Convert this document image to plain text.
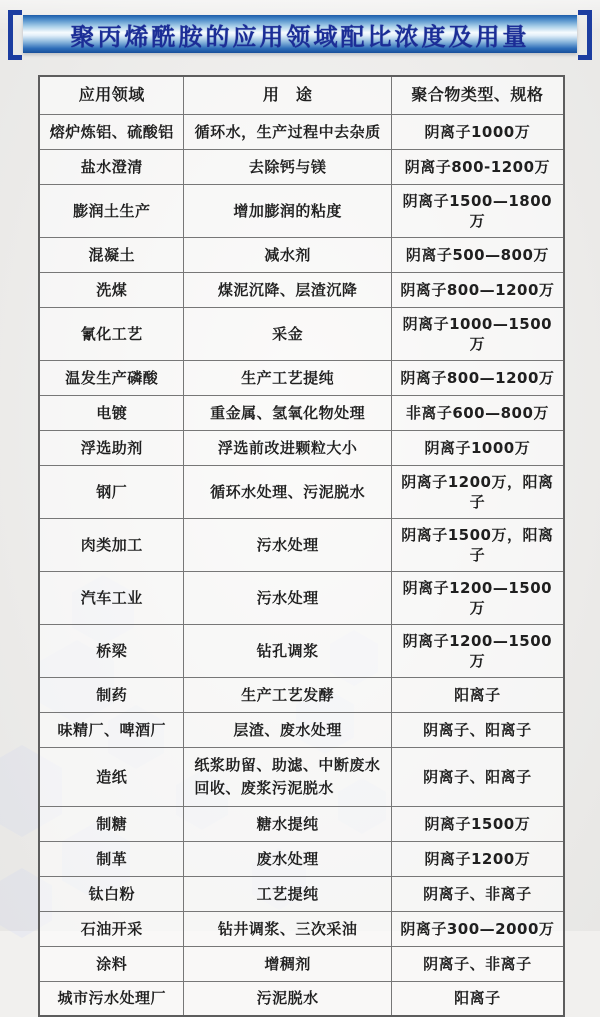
聚丙烯酰胺的应用领域配比浓度及用量
应用领域	用　途	聚合物类型、规格
熔炉炼铝、硫酸铝	循环水，生产过程中去杂质	阴离子1000万
盐水澄清	去除钙与镁	阴离子800-1200万
膨润土生产	增加膨润的粘度	阴离子1500—1800万
混凝土	减水剂	阴离子500—800万
洗煤	煤泥沉降、层渣沉降	阴离子800—1200万
氰化工艺	采金	阴离子1000—1500万
温发生产磷酸	生产工艺提纯	阴离子800—1200万
电镀	重金属、氢氧化物处理	非离子600—800万
浮选助剂	浮选前改进颗粒大小	阴离子1000万
钢厂	循环水处理、污泥脱水	阴离子1200万，阳离子
肉类加工	污水处理	阴离子1500万，阳离子
汽车工业	污水处理	阴离子1200—1500万
桥梁	钻孔调浆	阴离子1200—1500万
制药	生产工艺发酵	阳离子
味精厂、啤酒厂	层渣、废水处理	阴离子、阳离子
造纸	纸浆助留、助滤、中断废水回收、废浆污泥脱水	阴离子、阳离子
制糖	糖水提纯	阴离子1500万
制革	废水处理	阴离子1200万
钛白粉	工艺提纯	阴离子、非离子
石油开采	钻井调浆、三次采油	阴离子300—2000万
涂料	增稠剂	阴离子、非离子
城市污水处理厂	污泥脱水	阳离子
